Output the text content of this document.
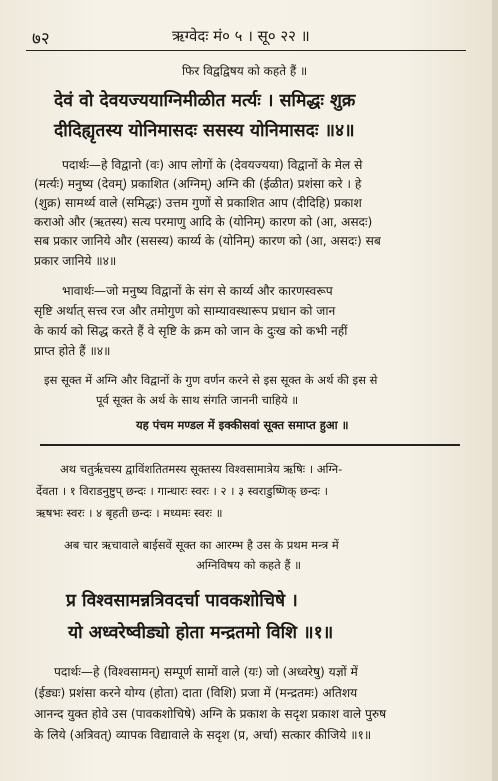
७२	ऋग्वेदः मं० ५ । सू० २२ ॥
फिर विद्वद्विषय को कहते हैं ॥
देवं वो देवयज्ययाग्निमीळीत मर्त्यः । समिद्धः शुक्र
दीदिह्यृतस्य योनिमासदः ससस्य योनिमासदः ॥४॥
पदार्थः—हे विद्वानो (वः) आप लोगों के (देवयज्यया) विद्वानों के मेल से
(मर्त्यः) मनुष्य (देवम्) प्रकाशित (अग्निम्) अग्नि की (ईळीत) प्रशंसा करे । हे
(शुक्र) सामर्थ्य वाले (समिद्धः) उत्तम गुणों से प्रकाशित आप (दीदिहि) प्रकाश
कराओ और (ऋतस्य) सत्य परमाणु आदि के (योनिम्) कारण को (आ, असदः)
सब प्रकार जानिये और (ससस्य) कार्य्य के (योनिम्) कारण को (आ, असदः) सब
प्रकार जानिये ॥४॥
भावार्थः—जो मनुष्य विद्वानों के संग से कार्य्य और कारणस्वरूप
सृष्टि अर्थात् सत्त्व रज और तमोगुण को साम्यावस्थारूप प्रधान को जान
के कार्य को सिद्ध करते हैं वे सृष्टि के क्रम को जान के दुःख को कभी नहीं
प्राप्त होते हैं ॥४॥
इस सूक्त में अग्नि और विद्वानों के गुण वर्णन करने से इस सूक्त के अर्थ की इस से
पूर्व सूक्त के अर्थ के साथ संगति जाननी चाहिये ॥
यह पंचम मण्डल में इक्कीसवां सूक्त समाप्त हुआ ॥
अथ चतुर्ऋचस्य द्वाविंशतितमस्य सूक्तस्य विश्वसामात्रेय ऋषिः । अग्नि-
र्देवता । १ विराडनुष्टुप् छन्दः । गान्धारः स्वरः । २ । ३ स्वराडुष्णिक् छन्दः ।
ऋषभः स्वरः । ४ बृहती छन्दः । मध्यमः स्वरः ॥
अब चार ऋचावाले बाईसवें सूक्त का आरम्भ है उस के प्रथम मन्त्र में
अग्निविषय को कहते हैं ॥
प्र विश्वसामन्नत्रिवदर्चा पावकशोचिषे ।
यो अध्वरेष्वीड्यो होता मन्द्रतमो विशि ॥१॥
पदार्थः—हे (विश्वसामन्) सम्पूर्ण सामों वाले (यः) जो (अध्वरेषु) यज्ञों में
(ईड्यः) प्रशंसा करने योग्य (होता) दाता (विशि) प्रजा में (मन्द्रतमः) अतिशय
आनन्द युक्त होवे उस (पावकशोचिषे) अग्नि के प्रकाश के सदृश प्रकाश वाले पुरुष
के लिये (अत्रिवत्) व्यापक विद्यावाले के सदृश (प्र, अर्चा) सत्कार कीजिये ॥१॥
